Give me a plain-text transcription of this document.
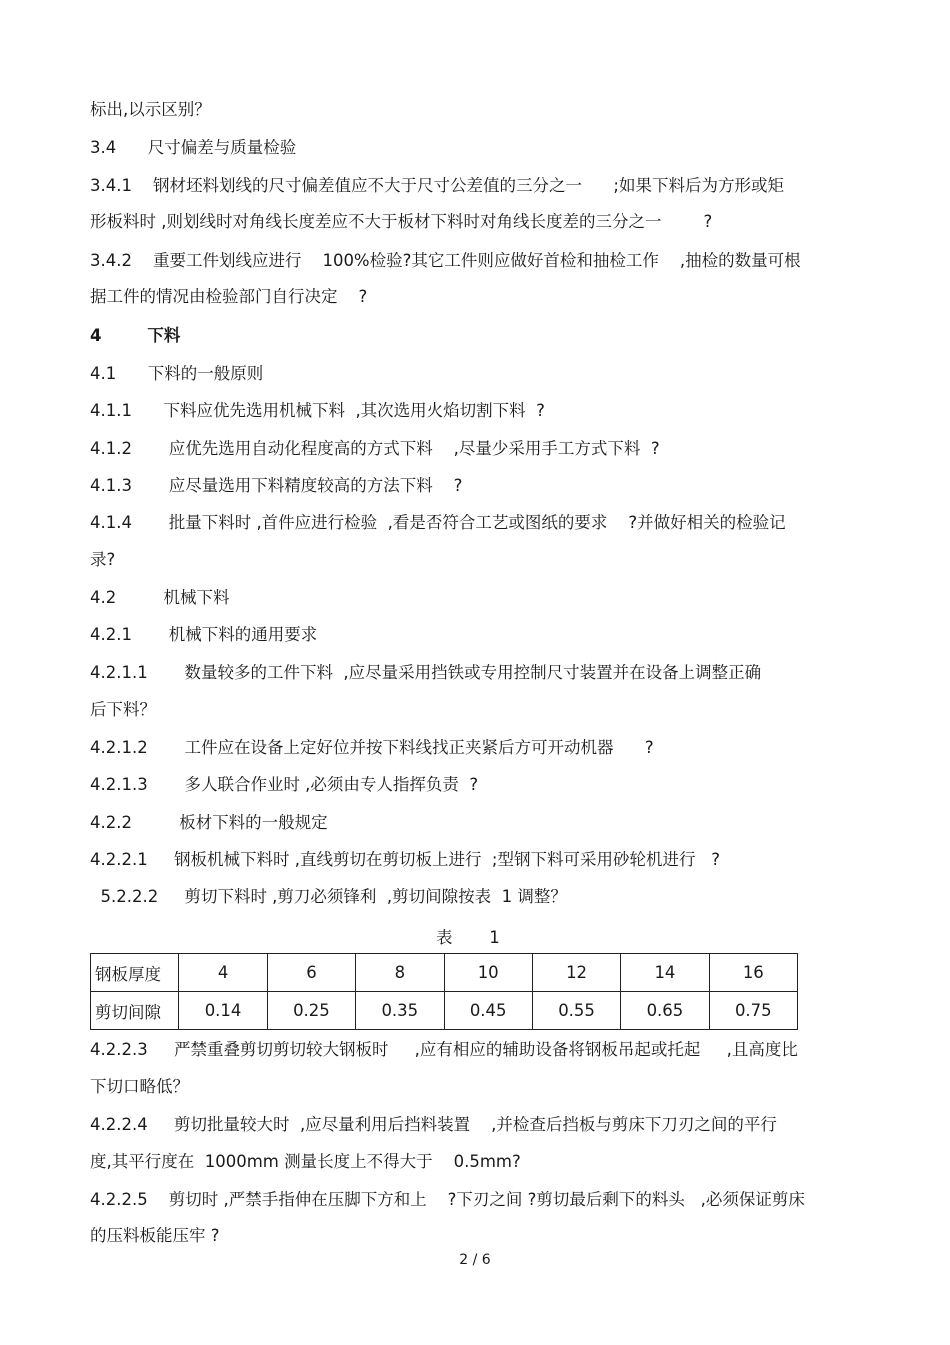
标出,以示区别？
3.4      尺寸偏差与质量检验
3.4.1    钢材坯料划线的尺寸偏差值应不大于尺寸公差值的三分之一      ;如果下料后为方形或矩
形板料时 ,则划线时对角线长度差应不大于板材下料时对角线长度差的三分之一        ?
3.4.2    重要工件划线应进行    100%检验?其它工件则应做好首检和抽检工作    ,抽检的数量可根
据工件的情况由检验部门自行决定    ?
4        下料
4.1      下料的一般原则
4.1.1      下料应优先选用机械下料  ,其次选用火焰切割下料  ?
4.1.2       应优先选用自动化程度高的方式下料    ,尽量少采用手工方式下料  ?
4.1.3       应尽量选用下料精度较高的方法下料    ?
4.1.4       批量下料时 ,首件应进行检验  ,看是否符合工艺或图纸的要求    ?并做好相关的检验记
录?
4.2         机械下料
4.2.1       机械下料的通用要求
4.2.1.1       数量较多的工件下料  ,应尽量采用挡铁或专用控制尺寸装置并在设备上调整正确
后下料？
4.2.1.2       工件应在设备上定好位并按下料线找正夹紧后方可开动机器      ?
4.2.1.3       多人联合作业时 ,必须由专人指挥负责  ?
4.2.2         板材下料的一般规定
4.2.2.1     钢板机械下料时 ,直线剪切在剪切板上进行  ;型钢下料可采用砂轮机进行   ?
5.2.2.2     剪切下料时 ,剪刀必须锋利  ,剪切间隙按表  1 调整？
表       1
钢板厚度	4	6	8	10	12	14	16
剪切间隙	0.14	0.25	0.35	0.45	0.55	0.65	0.75
4.2.2.3     严禁重叠剪切剪切较大钢板时     ,应有相应的辅助设备将钢板吊起或托起     ,且高度比
下切口略低？
4.2.2.4     剪切批量较大时  ,应尽量利用后挡料装置    ,并检查后挡板与剪床下刀刃之间的平行
度,其平行度在  1000mm 测量长度上不得大于    0.5mm?
4.2.2.5    剪切时 ,严禁手指伸在压脚下方和上    ?下刃之间 ?剪切最后剩下的料头   ,必须保证剪床
的压料板能压牢 ?
2 / 6
